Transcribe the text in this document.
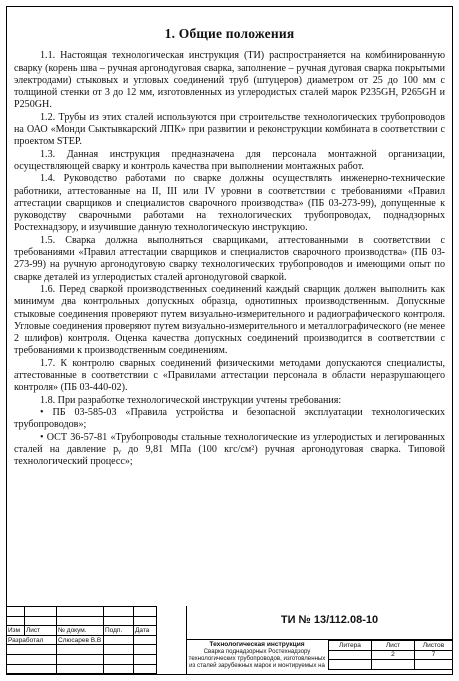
1. Общие положения

1.1. Настоящая технологическая инструкция (ТИ) распространяется на комбинированную сварку (корень шва – ручная аргонодуговая сварка, заполнение – ручная дуговая сварка покрытыми электродами) стыковых и угловых соединений труб (штуцеров) диаметром от 25 до 100 мм с толщиной стенки от 3 до 12 мм, изготовленных из углеродистых сталей марок P235GH, P265GH и P250GH.

1.2. Трубы из этих сталей используются при строительстве технологических трубопроводов на ОАО «Монди Сыктывкарский ЛПК» при развитии и реконструкции комбината в соответствии с проектом STEP.

1.3. Данная инструкция предназначена для персонала монтажной организации, осуществляющей сварку и контроль качества при выполнении монтажных работ.

1.4. Руководство работами по сварке должны осуществлять инженерно-технические работники, аттестованные на II, III или IV уровни в соответствии с требованиями «Правил аттестации сварщиков и специалистов сварочного производства» (ПБ 03-273-99), допущенные к руководству сварочными работами на технологических трубопроводах, поднадзорных Ростехнадзору, и изучившие данную технологическую инструкцию.

1.5. Сварка должна выполняться сварщиками, аттестованными в соответствии с требованиями «Правил аттестации сварщиков и специалистов сварочного производства» (ПБ 03-273-99) на ручную аргонодуговую сварку технологических трубопроводов и имеющими опыт по сварке деталей из углеродистых сталей аргонодуговой сваркой.

1.6. Перед сваркой производственных соединений каждый сварщик должен выполнить как минимум два контрольных допускных образца, однотипных производственным. Допускные стыковые соединения проверяют путем визуально-измерительного и радиографического контроля. Угловые соединения проверяют путем визуально-измерительного и металлографического (не менее 2 шлифов) контроля. Оценка качества допускных соединений производится в соответствии с требованиями к производственным соединениям.

1.7. К контролю сварных соединений физическими методами допускаются специалисты, аттестованные в соответствии с «Правилами аттестации персонала в области неразрушающего контроля» (ПБ 03-440-02).

1.8. При разработке технологической инструкции учтены требования:

• ПБ 03-585-03 «Правила устройства и безопасной эксплуатации технологических трубопроводов»;

• ОСТ 36-57-81 «Трубопроводы стальные технологические из углеродистых и легированных сталей на давление pᵧ до 9,81 МПа (100 кгс/см²) ручная аргонодуговая сварка. Типовой технологический процесс»;

Изм	Лист	№ докум.	Подп.	Дата
Разработал		Слюсарев В.В		

ТИ № 13/112.08-10
Технологическая инструкция
Сварка поднадзорных Ростехнадзору технологических трубопроводов, изготовленных из сталей зарубежных марок и монтируемых на
Литера	Лист	Листов
	2	7
